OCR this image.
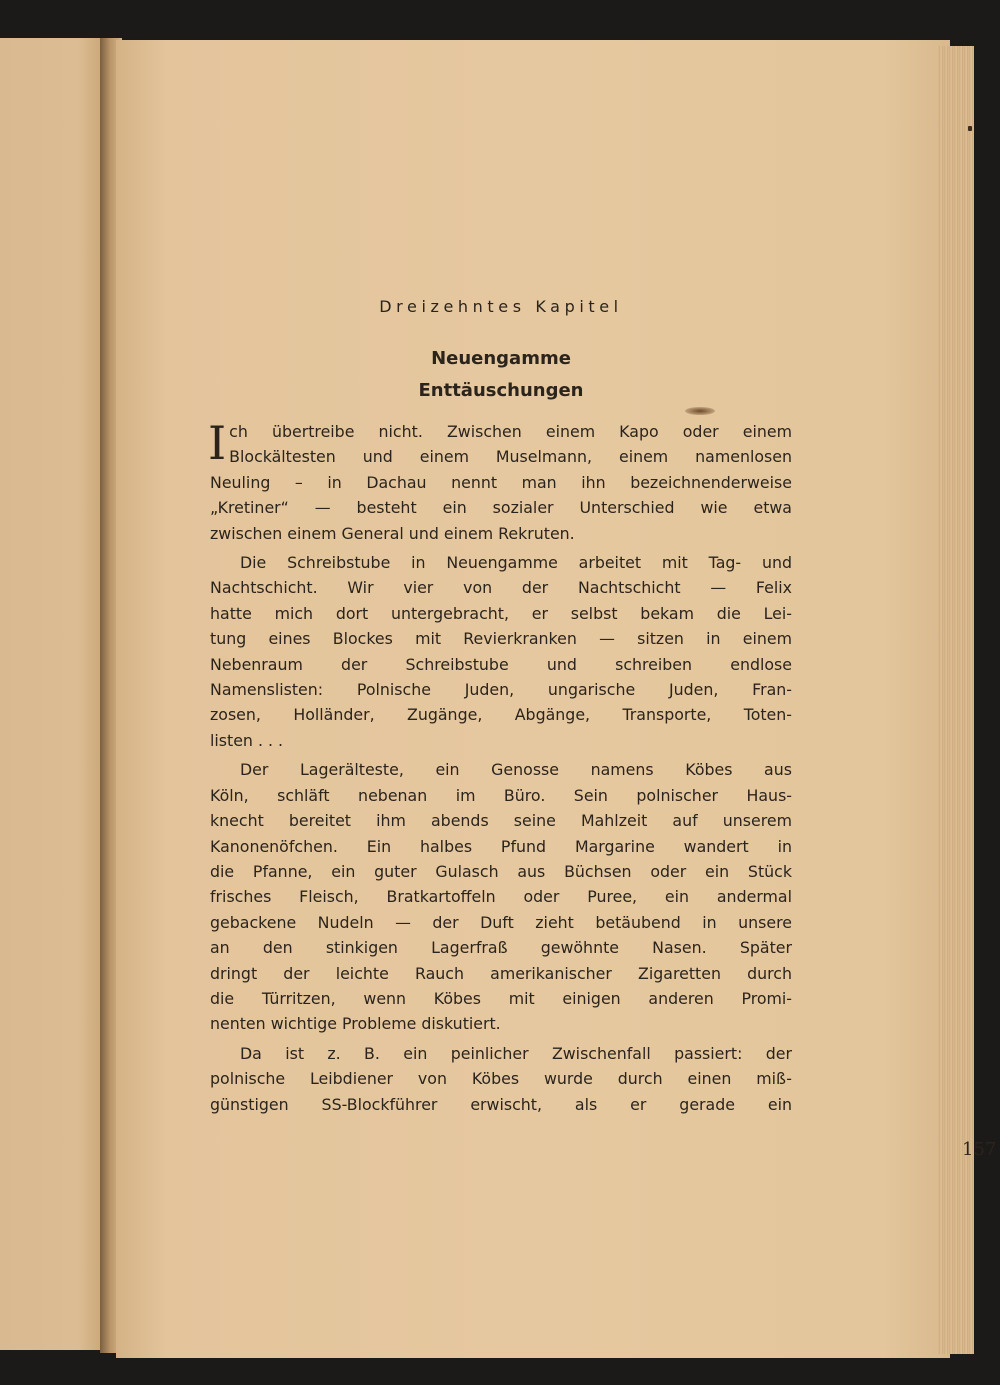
Dreizehntes Kapitel
Neuengamme
Enttäuschungen

I ch übertreibe nicht. Zwischen einem Kapo oder einem
Blockältesten und einem Muselmann, einem namenlosen

Neuling – in Dachau nennt man ihn bezeichnenderweise
„Kretiner“ — besteht ein sozialer Unterschied wie etwa
zwischen einem General und einem Rekruten.
Die Schreibstube in Neuengamme arbeitet mit Tag- und
Nachtschicht. Wir vier von der Nachtschicht — Felix
hatte mich dort untergebracht, er selbst bekam die Lei-
tung eines Blockes mit Revierkranken — sitzen in einem
Nebenraum der Schreibstube und schreiben endlose
Namenslisten: Polnische Juden, ungarische Juden, Fran-
zosen, Holländer, Zugänge, Abgänge, Transporte, Toten-
listen . . .
Der Lagerälteste, ein Genosse namens Köbes aus
Köln, schläft nebenan im Büro. Sein polnischer Haus-
knecht bereitet ihm abends seine Mahlzeit auf unserem
Kanonenöfchen. Ein halbes Pfund Margarine wandert in
die Pfanne, ein guter Gulasch aus Büchsen oder ein Stück
frisches Fleisch, Bratkartoffeln oder Puree, ein andermal
gebackene Nudeln — der Duft zieht betäubend in unsere
an den stinkigen Lagerfraß gewöhnte Nasen. Später
dringt der leichte Rauch amerikanischer Zigaretten durch
die Türritzen, wenn Köbes mit einigen anderen Promi-
nenten wichtige Probleme diskutiert.
Da ist z. B. ein peinlicher Zwischenfall passiert: der
polnische Leibdiener von Köbes wurde durch einen miß-
günstigen SS-Blockführer erwischt, als er gerade ein
157
